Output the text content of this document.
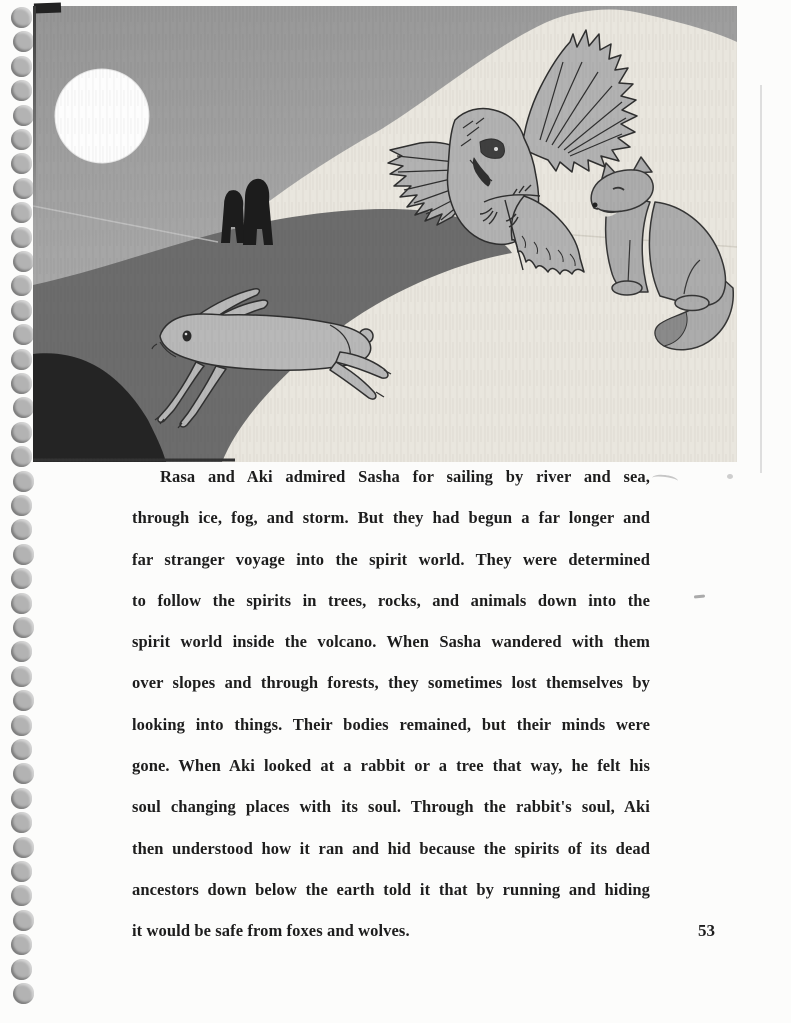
Rasa and Aki admired Sasha for sailing by river and sea,
through ice, fog, and storm. But they had begun a far longer and
far stranger voyage into the spirit world. They were determined
to follow the spirits in trees, rocks, and animals down into the
spirit world inside the volcano. When Sasha wandered with them
over slopes and through forests, they sometimes lost themselves by
looking into things. Their bodies remained, but their minds were
gone. When Aki looked at a rabbit or a tree that way, he felt his
soul changing places with its soul. Through the rabbit's soul, Aki
then understood how it ran and hid because the spirits of its dead
ancestors down below the earth told it that by running and hiding
it would be safe from foxes and wolves.	53
